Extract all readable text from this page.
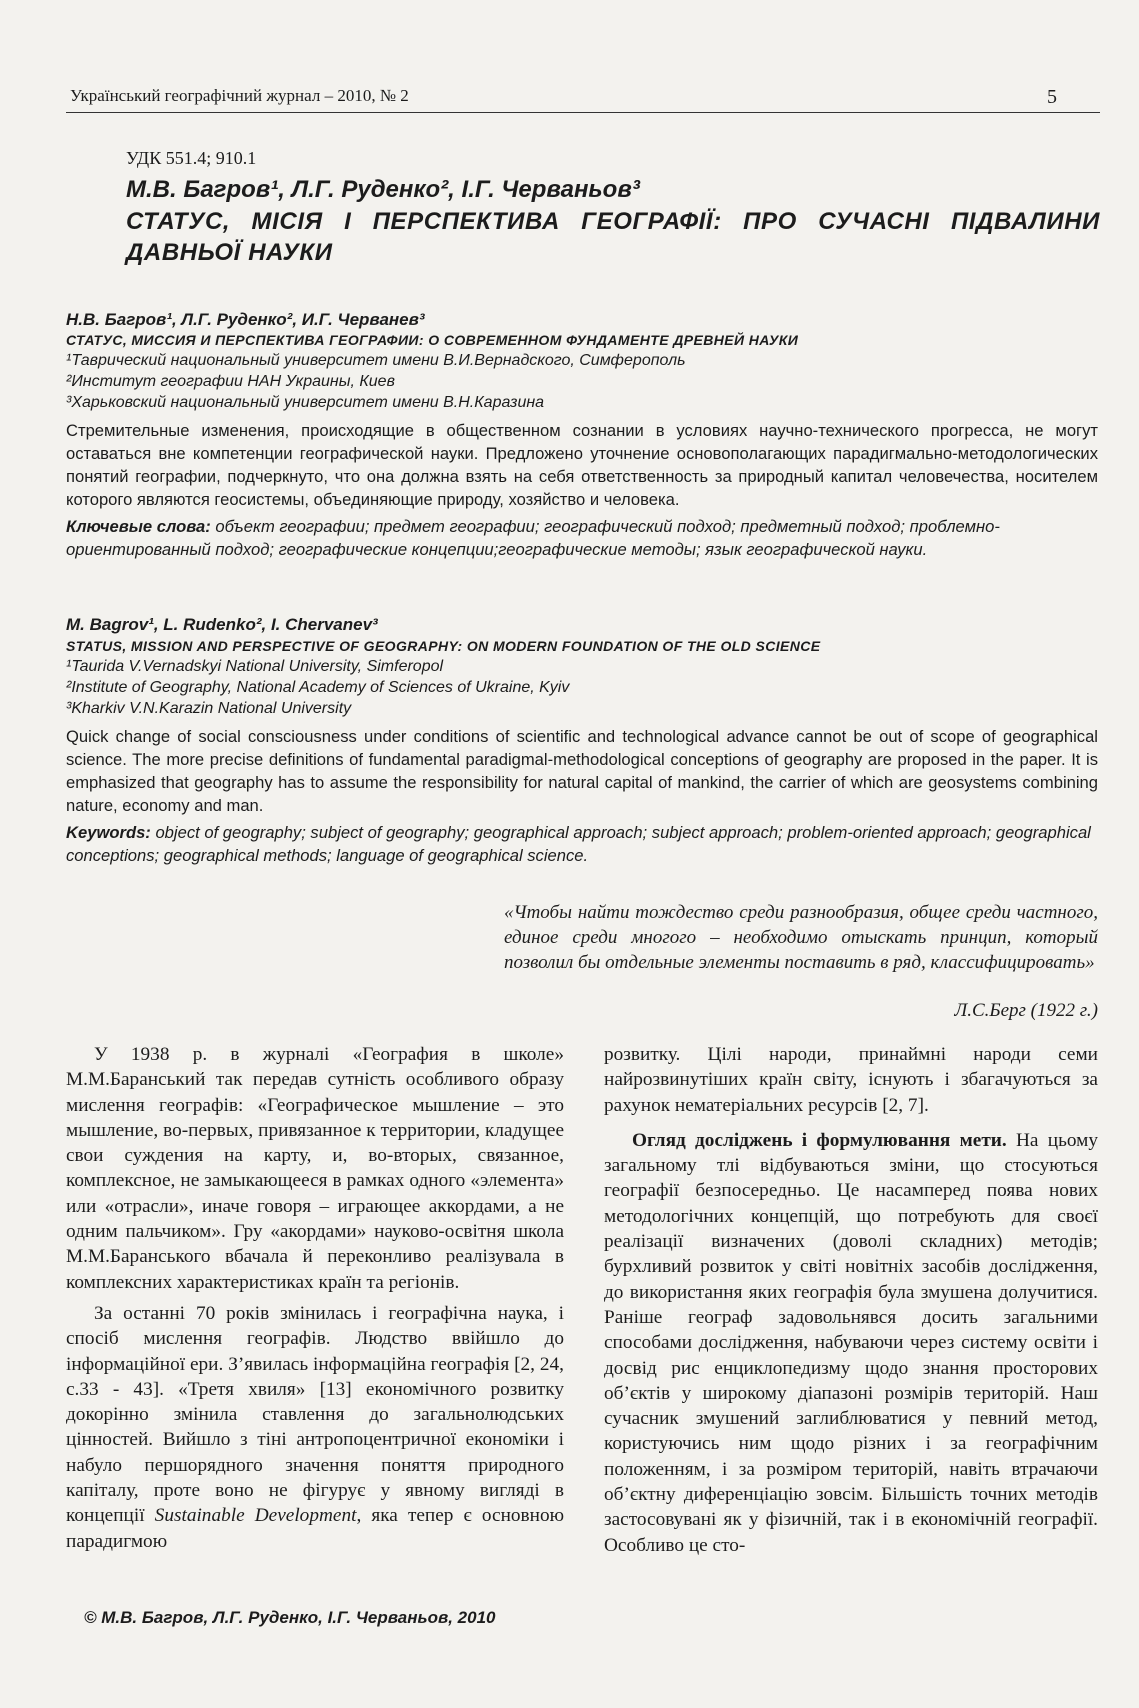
Український географічний журнал – 2010, № 2	5
УДК 551.4; 910.1
М.В. Багров¹, Л.Г. Руденко², І.Г. Черваньов³
СТАТУС, МІСІЯ І ПЕРСПЕКТИВА ГЕОГРАФІЇ: ПРО СУЧАСНІ ПІДВАЛИНИ ДАВНЬОЇ НАУКИ
Н.В. Багров¹, Л.Г. Руденко², И.Г. Черванев³
СТАТУС, МИССИЯ И ПЕРСПЕКТИВА ГЕОГРАФИИ: О СОВРЕМЕННОМ ФУНДАМЕНТЕ ДРЕВНЕЙ НАУКИ
¹Таврический национальный университет имени В.И.Вернадского, Симферополь
²Институт географии НАН Украины, Киев
³Харьковский национальный университет имени В.Н.Каразина
Стремительные изменения, происходящие в общественном сознании в условиях научно-технического прогресса, не могут оставаться вне компетенции географической науки. Предложено уточнение основополагающих парадигмально-методологических понятий географии, подчеркнуто, что она должна взять на себя ответственность за природный капитал человечества, носителем которого являются геосистемы, объединяющие природу, хозяйство и человека.
Ключевые слова: объект географии; предмет географии; географический подход; предметный подход; проблемно-ориентированный подход; географические концепции;географические методы; язык географической науки.
M. Bagrov¹, L. Rudenko², I. Chervanev³
STATUS, MISSION AND PERSPECTIVE OF GEOGRAPHY: ON MODERN FOUNDATION OF THE OLD SCIENCE
¹Taurida V.Vernadskyi National University, Simferopol
²Institute of Geography, National Academy of Sciences of Ukraine, Kyiv
³Kharkiv V.N.Karazin National University
Quick change of social consciousness under conditions of scientific and technological advance cannot be out of scope of geographical science. The more precise definitions of fundamental paradigmal-methodological conceptions of geography are proposed in the paper. It is emphasized that geography has to assume the responsibility for natural capital of mankind, the carrier of which are geosystems combining nature, economy and man.
Keywords: object of geography; subject of geography; geographical approach; subject approach; problem-oriented approach; geographical conceptions; geographical methods; language of geographical science.
«Чтобы найти тождество среди разнообразия, общее среди частного, единое среди многого – необходимо отыскать принцип, который позволил бы отдельные элементы поставить в ряд, классифицировать»
Л.С.Берг (1922 г.)

У 1938 р. в журналі «География в школе» М.М.Баранський так передав сутність особливого образу мислення географів: «Географическое мышление – это мышление, во-первых, привязанное к территории, кладущее свои суждения на карту, и, во-вторых, связанное, комплексное, не замыкающееся в рамках одного «элемента» или «отрасли», иначе говоря – играющее аккордами, а не одним пальчиком». Гру «акордами» науково-освітня школа М.М.Баранського вбачала й переконливо реалізувала в комплексних характеристиках країн та регіонів.

За останні 70 років змінилась і географічна наука, і спосіб мислення географів. Людство ввійшло до інформаційної ери. З’явилась інформаційна географія [2, 24, с.33 - 43]. «Третя хвиля» [13] економічного розвитку докорінно змінила ставлення до загальнолюдських цінностей. Вийшло з тіні антропоцентричної економіки і набуло першорядного значення поняття природного капіталу, проте воно не фігурує у явному вигляді в концепції Sustainable Development, яка тепер є основною парадигмою

розвитку. Цілі народи, принаймні народи семи найрозвинутіших країн світу, існують і збагачуються за рахунок нематеріальних ресурсів [2, 7].

Огляд досліджень і формулювання мети. На цьому загальному тлі відбуваються зміни, що стосуються географії безпосередньо. Це насамперед поява нових методологічних концепцій, що потребують для своєї реалізації визначених (доволі складних) методів; бурхливий розвиток у світі новітніх засобів дослідження, до використання яких географія була змушена долучитися. Раніше географ задовольнявся досить загальними способами дослідження, набуваючи через систему освіти і досвід рис енциклопедизму щодо знання просторових об’єктів у широкому діапазоні розмірів територій. Наш сучасник змушений заглиблюватися у певний метод, користуючись ним щодо різних і за географічним положенням, і за розміром територій, навіть втрачаючи об’єктну диференціацію зовсім. Більшість точних методів застосовуванi як у фізичній, так і в економічній географії. Особливо це сто-

© М.В. Багров, Л.Г. Руденко, І.Г. Черваньов, 2010
